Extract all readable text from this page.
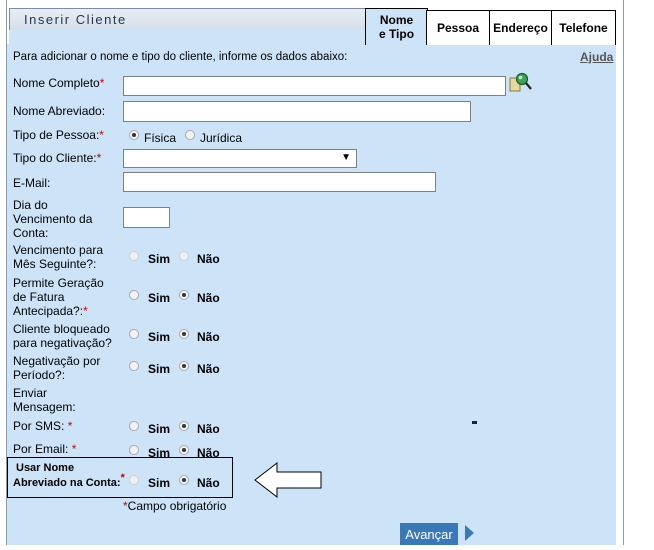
Inserir Cliente	Nome
e Tipo Pessoa Endereço Telefone
Para adicionar o nome e tipo do cliente, informe os dados abaixo:	Ajuda
Nome Completo*
Nome Abreviado:
Tipo de Pessoa:*	Física Jurídica
Tipo do Cliente:*	▼
E-Mail:
Dia do
Vencimento da
Conta:
Vencimento para
Mês Seguinte?:	Sim Não
Permite Geração
de Fatura
Antecipada?:*
Sim Não
Cliente bloqueado
para negativação?	Sim Não
Negativação por
Período?:	Sim Não
Enviar
Mensagem:
Por SMS: *	Sim Não
Por Email: *	Sim Não
Usar Nome
Abreviado na Conta:* Sim Não
*Campo obrigatório
Avançar
